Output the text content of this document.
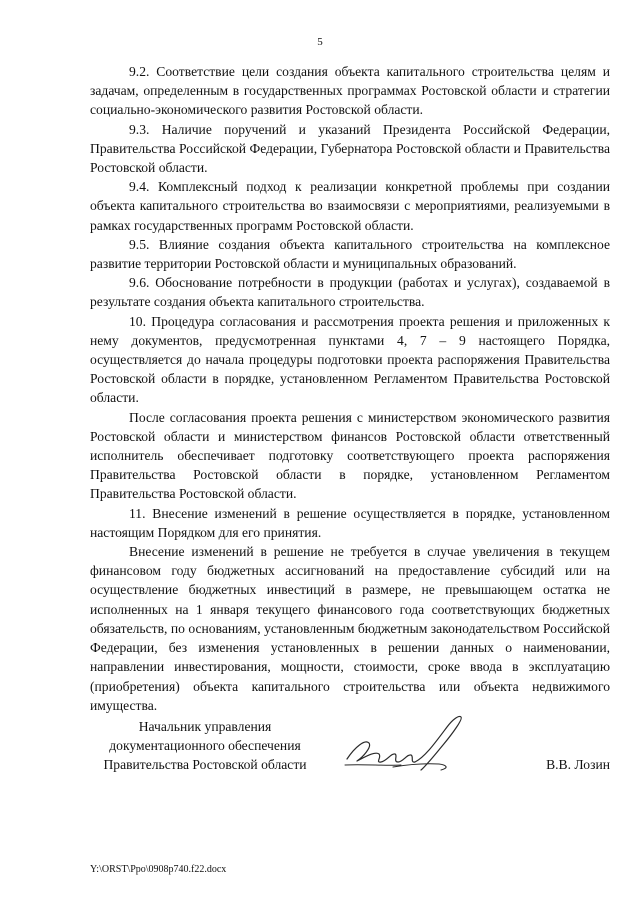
5

9.2. Соответствие цели создания объекта капитального строительства целям и задачам, определенным в государственных программах Ростовской области и стратегии социально-экономического развития Ростовской области.

9.3. Наличие поручений и указаний Президента Российской Федерации, Правительства Российской Федерации, Губернатора Ростовской области и Правительства Ростовской области.

9.4. Комплексный подход к реализации конкретной проблемы при создании объекта капитального строительства во взаимосвязи с мероприятиями, реализуемыми в рамках государственных программ Ростовской области.

9.5. Влияние создания объекта капитального строительства на комплексное развитие территории Ростовской области и муниципальных образований.

9.6. Обоснование потребности в продукции (работах и услугах), создаваемой в результате создания объекта капитального строительства.

10. Процедура согласования и рассмотрения проекта решения и приложенных к нему документов, предусмотренная пунктами 4, 7 – 9 настоящего Порядка, осуществляется до начала процедуры подготовки проекта распоряжения Правительства Ростовской области в порядке, установленном Регламентом Правительства Ростовской области.

После согласования проекта решения с министерством экономического развития Ростовской области и министерством финансов Ростовской области ответственный исполнитель обеспечивает подготовку соответствующего проекта распоряжения Правительства Ростовской области в порядке, установленном Регламентом Правительства Ростовской области.

11. Внесение изменений в решение осуществляется в порядке, установленном настоящим Порядком для его принятия.

Внесение изменений в решение не требуется в случае увеличения в текущем финансовом году бюджетных ассигнований на предоставление субсидий или на осуществление бюджетных инвестиций в размере, не превышающем остатка не исполненных на 1 января текущего финансового года соответствующих бюджетных обязательств, по основаниям, установленным бюджетным законодательством Российской Федерации, без изменения установленных в решении данных о наименовании, направлении инвестирования, мощности, стоимости, сроке ввода в эксплуатацию (приобретения) объекта капитального строительства или объекта недвижимого имущества.

Начальник управления
документационного обеспечения
Правительства Ростовской области	В.В. Лозин
Y:\ORST\Ppo\0908p740.f22.docx
